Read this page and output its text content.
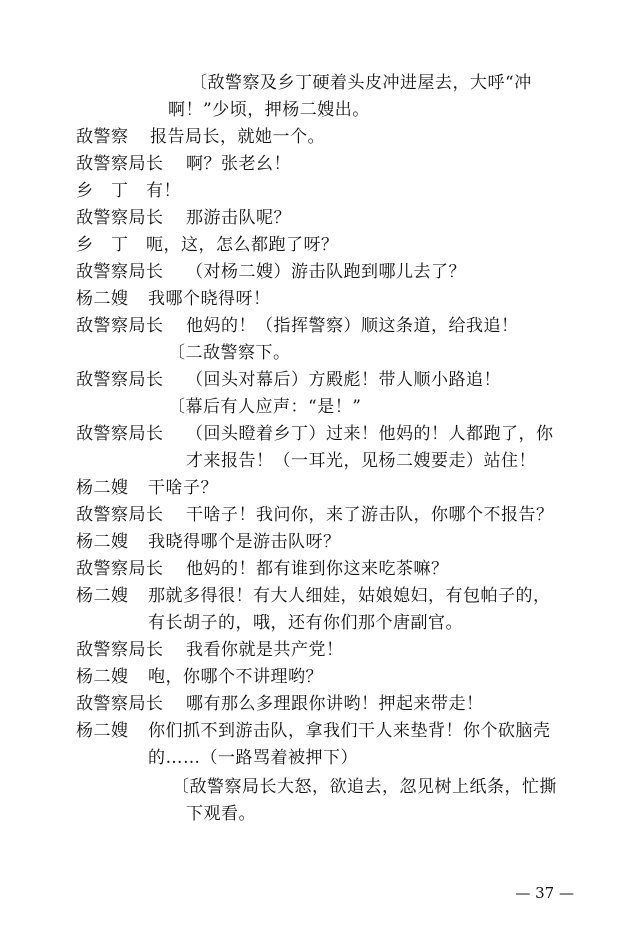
〔敌警察及乡丁硬着头皮冲进屋去，大呼“冲
啊！”少顷，押杨二嫂出。
敌警察 报告局长，就她一个。
敌警察局长 啊？张老幺！
乡　丁 有！
敌警察局长 那游击队呢？
乡　丁 呃，这，怎么都跑了呀？
敌警察局长 （对杨二嫂）游击队跑到哪儿去了？
杨二嫂 我哪个晓得呀！
敌警察局长 他妈的！（指挥警察）顺这条道，给我追！
〔二敌警察下。
敌警察局长 （回头对幕后）方殿彪！带人顺小路追！
〔幕后有人应声：“是！”
敌警察局长 （回头瞪着乡丁）过来！他妈的！人都跑了，你
才来报告！（一耳光，见杨二嫂要走）站住！
杨二嫂 干啥子？
敌警察局长 干啥子！我问你，来了游击队，你哪个不报告？
杨二嫂 我晓得哪个是游击队呀？
敌警察局长 他妈的！都有谁到你这来吃茶嘛？
杨二嫂 那就多得很！有大人细娃，姑娘媳妇，有包帕子的，
有长胡子的，哦，还有你们那个唐副官。
敌警察局长 我看你就是共产党！
杨二嫂 咆，你哪个不讲理哟？
敌警察局长 哪有那么多理跟你讲哟！押起来带走！
杨二嫂 你们抓不到游击队，拿我们干人来垫背！你个砍脑壳
的……（一路骂着被押下）
〔敌警察局长大怒，欲追去，忽见树上纸条，忙撕
下观看。
— 37 —
